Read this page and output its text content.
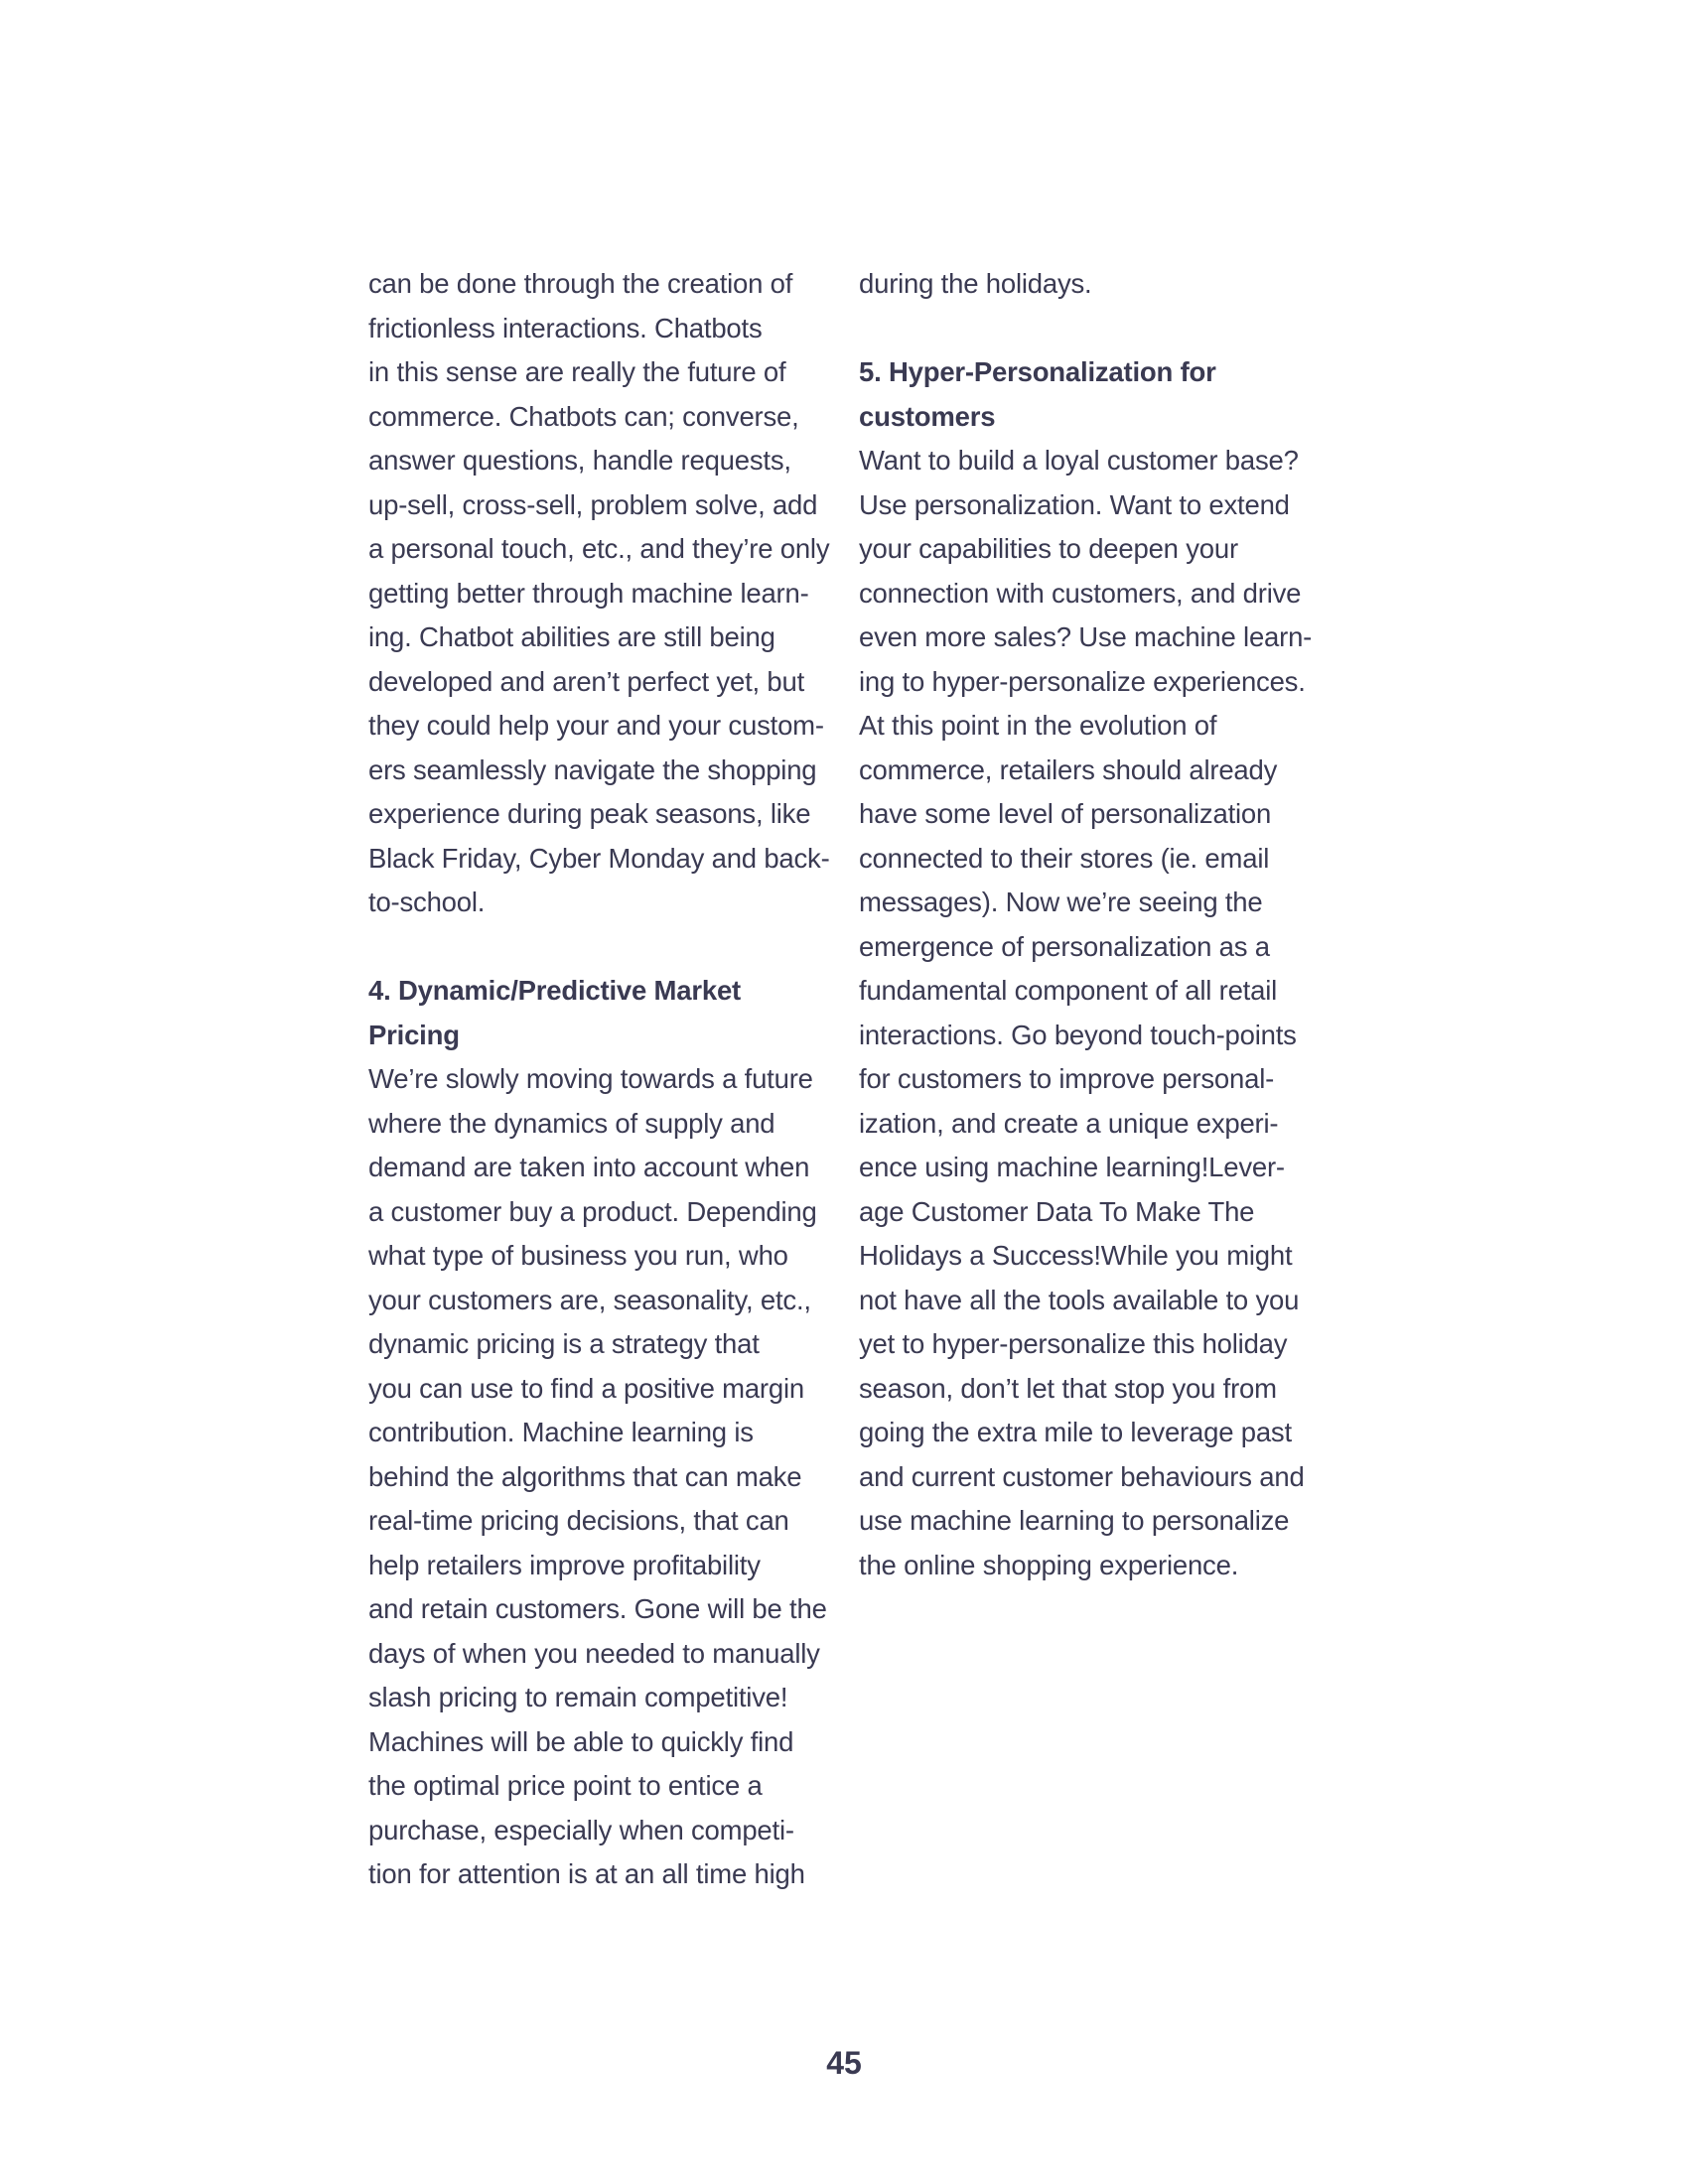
can be done through the creation of
frictionless interactions. Chatbots
in this sense are really the future of
commerce. Chatbots can; converse,
answer questions, handle requests,
up-sell, cross-sell, problem solve, add
a personal touch, etc., and they’re only
getting better through machine learn-
ing. Chatbot abilities are still being
developed and aren’t perfect yet, but
they could help your and your custom-
ers seamlessly navigate the shopping
experience during peak seasons, like
Black Friday, Cyber Monday and back-
to-school.
4. Dynamic/Predictive Market
Pricing
We’re slowly moving towards a future
where the dynamics of supply and
demand are taken into account when
a customer buy a product. Depending
what type of business you run, who
your customers are, seasonality, etc.,
dynamic pricing is a strategy that
you can use to find a positive margin
contribution. Machine learning is
behind the algorithms that can make
real-time pricing decisions, that can
help retailers improve profitability
and retain customers. Gone will be the
days of when you needed to manually
slash pricing to remain competitive!
Machines will be able to quickly find
the optimal price point to entice a
purchase, especially when competi-
tion for attention is at an all time high
during the holidays.
5. Hyper-Personalization for
customers
Want to build a loyal customer base?
Use personalization. Want to extend
your capabilities to deepen your
connection with customers, and drive
even more sales? Use machine learn-
ing to hyper-personalize experiences.
At this point in the evolution of
commerce, retailers should already
have some level of personalization
connected to their stores (ie. email
messages). Now we’re seeing the
emergence of personalization as a
fundamental component of all retail
interactions. Go beyond touch-points
for customers to improve personal-
ization, and create a unique experi-
ence using machine learning!Lever-
age Customer Data To Make The
Holidays a Success!While you might
not have all the tools available to you
yet to hyper-personalize this holiday
season, don’t let that stop you from
going the extra mile to leverage past
and current customer behaviours and
use machine learning to personalize
the online shopping experience.
45
